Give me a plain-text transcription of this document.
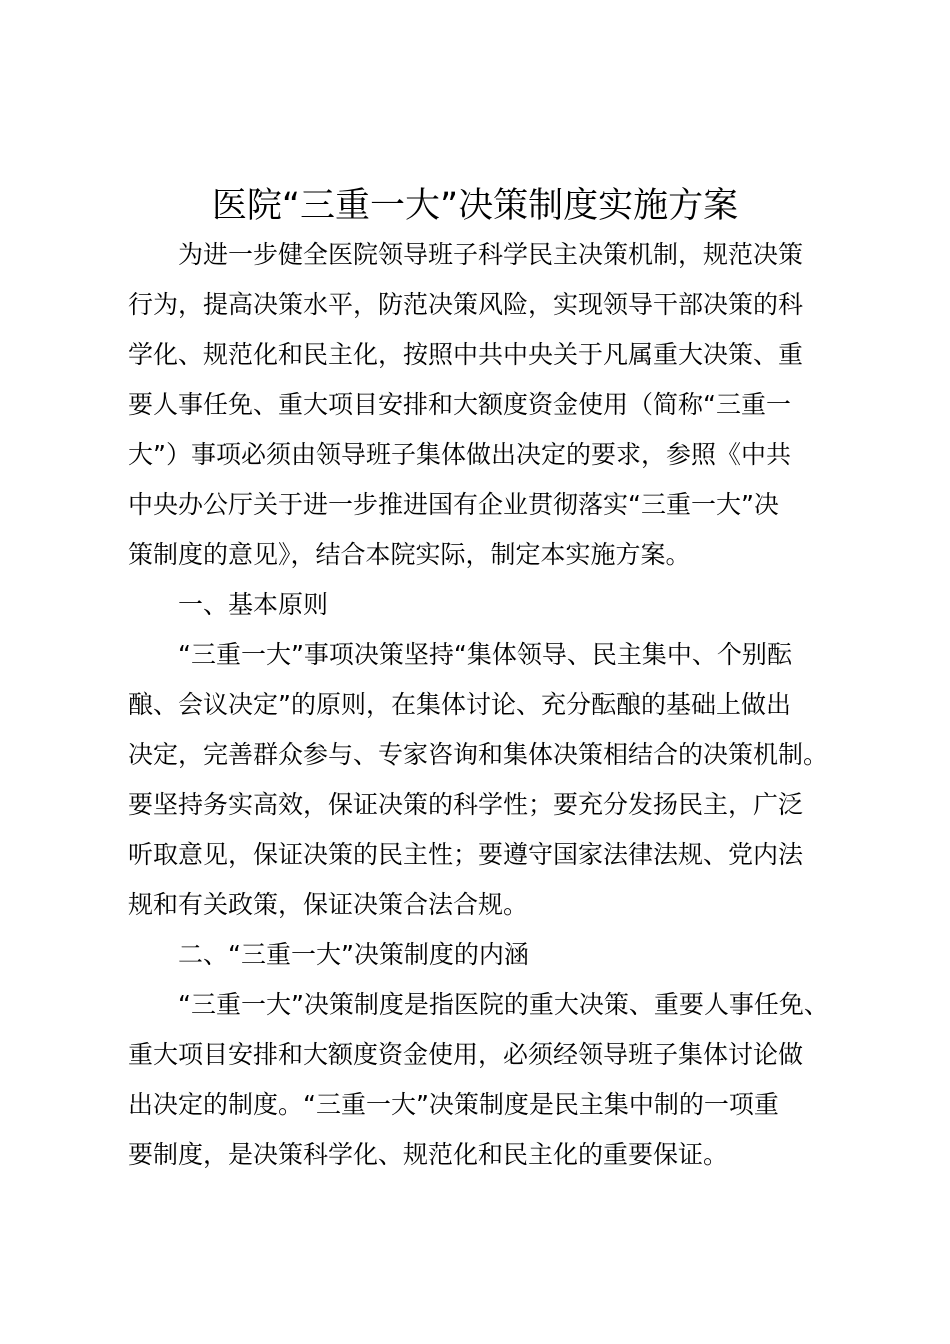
医院“三重一大”决策制度实施方案
为进一步健全医院领导班子科学民主决策机制，规范决策
行为，提高决策水平，防范决策风险，实现领导干部决策的科
学化、规范化和民主化，按照中共中央关于凡属重大决策、重
要人事任免、重大项目安排和大额度资金使用（简称“三重一
大”）事项必须由领导班子集体做出决定的要求，参照《中共
中央办公厅关于进一步推进国有企业贯彻落实“三重一大”决
策制度的意见》，结合本院实际，制定本实施方案。
一、基本原则
“三重一大”事项决策坚持“集体领导、民主集中、个别酝
酿、会议决定”的原则，在集体讨论、充分酝酿的基础上做出
决定，完善群众参与、专家咨询和集体决策相结合的决策机制。
要坚持务实高效，保证决策的科学性；要充分发扬民主，广泛
听取意见，保证决策的民主性；要遵守国家法律法规、党内法
规和有关政策，保证决策合法合规。
二、“三重一大”决策制度的内涵
“三重一大”决策制度是指医院的重大决策、重要人事任免、
重大项目安排和大额度资金使用，必须经领导班子集体讨论做
出决定的制度。“三重一大”决策制度是民主集中制的一项重
要制度，是决策科学化、规范化和民主化的重要保证。
